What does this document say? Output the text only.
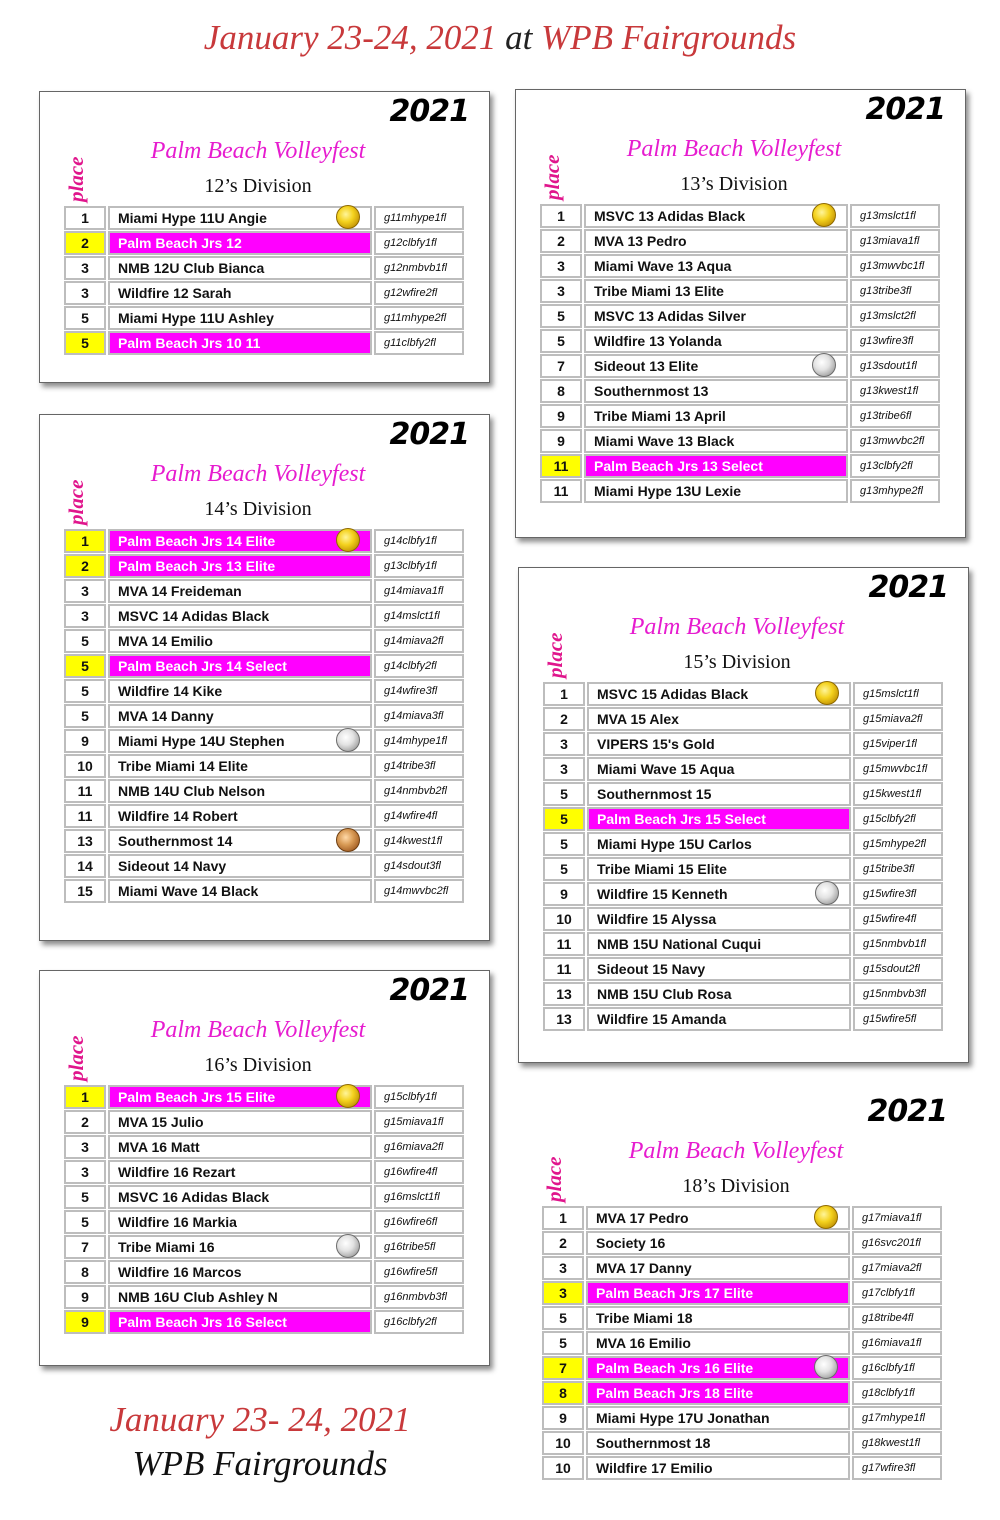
January 23-24, 2021 at WPB Fairgrounds
2021
place
Palm Beach Volleyfest
12’s Division
1	Miami Hype 11U Angie	g11mhype1fl
2	Palm Beach Jrs 12	g12clbfy1fl
3	NMB 12U Club Bianca	g12nmbvb1fl
3	Wildfire 12 Sarah	g12wfire2fl
5	Miami Hype 11U Ashley	g11mhype2fl
5	Palm Beach Jrs 10 11	g11clbfy2fl
2021
place
Palm Beach Volleyfest
13’s Division
1	MSVC 13 Adidas Black	g13mslct1fl
2	MVA 13 Pedro	g13miava1fl
3	Miami Wave 13 Aqua	g13mwvbc1fl
3	Tribe Miami 13 Elite	g13tribe3fl
5	MSVC 13 Adidas Silver	g13mslct2fl
5	Wildfire 13 Yolanda	g13wfire3fl
7	Sideout 13 Elite	g13sdout1fl
8	Southernmost 13	g13kwest1fl
9	Tribe Miami 13 April	g13tribe6fl
9	Miami Wave 13 Black	g13mwvbc2fl
11	Palm Beach Jrs 13 Select	g13clbfy2fl
11	Miami Hype 13U Lexie	g13mhype2fl
2021
place
Palm Beach Volleyfest
14’s Division
1	Palm Beach Jrs 14 Elite	g14clbfy1fl
2	Palm Beach Jrs 13 Elite	g13clbfy1fl
3	MVA 14 Freideman	g14miava1fl
3	MSVC 14 Adidas Black	g14mslct1fl
5	MVA 14 Emilio	g14miava2fl
5	Palm Beach Jrs 14 Select	g14clbfy2fl
5	Wildfire 14 Kike	g14wfire3fl
5	MVA 14 Danny	g14miava3fl
9	Miami Hype 14U Stephen	g14mhype1fl
10	Tribe Miami 14 Elite	g14tribe3fl
11	NMB 14U Club Nelson	g14nmbvb2fl
11	Wildfire 14 Robert	g14wfire4fl
13	Southernmost 14	g14kwest1fl
14	Sideout 14 Navy	g14sdout3fl
15	Miami Wave 14 Black	g14mwvbc2fl
2021
place
Palm Beach Volleyfest
15’s Division
1	MSVC 15 Adidas Black	g15mslct1fl
2	MVA 15 Alex	g15miava2fl
3	VIPERS 15's Gold	g15viper1fl
3	Miami Wave 15 Aqua	g15mwvbc1fl
5	Southernmost 15	g15kwest1fl
5	Palm Beach Jrs 15 Select	g15clbfy2fl
5	Miami Hype 15U Carlos	g15mhype2fl
5	Tribe Miami 15 Elite	g15tribe3fl
9	Wildfire 15 Kenneth	g15wfire3fl
10	Wildfire 15 Alyssa	g15wfire4fl
11	NMB 15U National Cuqui	g15nmbvb1fl
11	Sideout 15 Navy	g15sdout2fl
13	NMB 15U Club Rosa	g15nmbvb3fl
13	Wildfire 15 Amanda	g15wfire5fl
2021
place
Palm Beach Volleyfest
16’s Division
1	Palm Beach Jrs 15 Elite	g15clbfy1fl
2	MVA 15 Julio	g15miava1fl
3	MVA 16 Matt	g16miava2fl
3	Wildfire 16 Rezart	g16wfire4fl
5	MSVC 16 Adidas Black	g16mslct1fl
5	Wildfire 16 Markia	g16wfire6fl
7	Tribe Miami 16	g16tribe5fl
8	Wildfire 16 Marcos	g16wfire5fl
9	NMB 16U Club Ashley N	g16nmbvb3fl
9	Palm Beach Jrs 16 Select	g16clbfy2fl
2021
place
Palm Beach Volleyfest
18’s Division
1	MVA 17 Pedro	g17miava1fl
2	Society 16	g16svc201fl
3	MVA 17 Danny	g17miava2fl
3	Palm Beach Jrs 17 Elite	g17clbfy1fl
5	Tribe Miami 18	g18tribe4fl
5	MVA 16 Emilio	g16miava1fl
7	Palm Beach Jrs 16 Elite	g16clbfy1fl
8	Palm Beach Jrs 18 Elite	g18clbfy1fl
9	Miami Hype 17U Jonathan	g17mhype1fl
10	Southernmost 18	g18kwest1fl
10	Wildfire 17 Emilio	g17wfire3fl
January 23- 24, 2021
WPB Fairgrounds
